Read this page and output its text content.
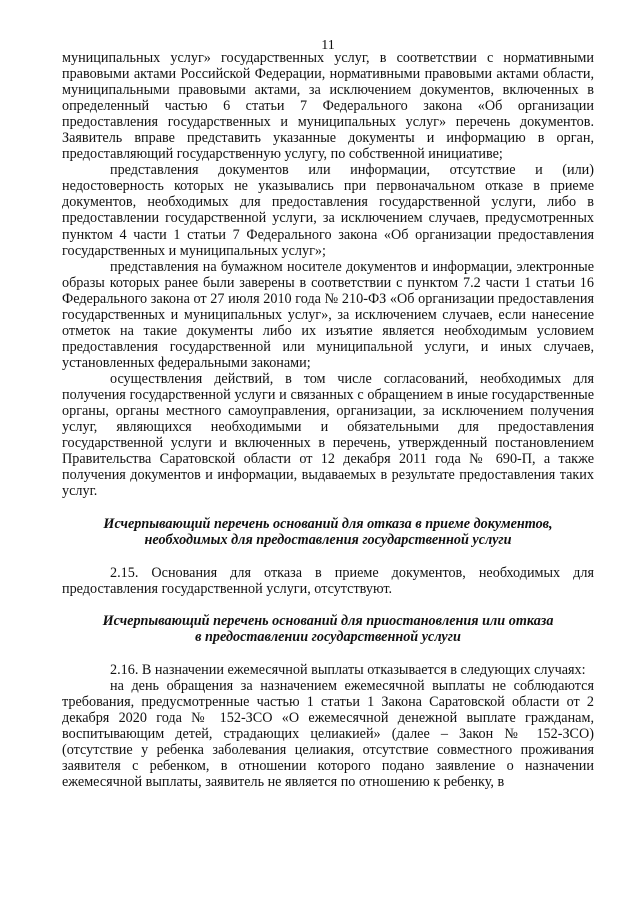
11

муниципальных услуг» государственных услуг, в соответствии с нормативными правовыми актами Российской Федерации, нормативными правовыми актами области, муниципальными правовыми актами, за исключением документов, включенных в определенный частью 6 статьи 7 Федерального закона «Об организации предоставления государственных и муниципальных услуг» перечень документов. Заявитель вправе представить указанные документы и информацию в орган, предоставляющий государственную услугу, по собственной инициативе;

представления документов или информации, отсутствие и (или) недостоверность которых не указывались при первоначальном отказе в приеме документов, необходимых для предоставления государственной услуги, либо в предоставлении государственной услуги, за исключением случаев, предусмотренных пунктом 4 части 1 статьи 7 Федерального закона «Об организации предоставления государственных и муниципальных услуг»;

представления на бумажном носителе документов и информации, электронные образы которых ранее были заверены в соответствии с пунктом 7.2 части 1 статьи 16 Федерального закона от 27 июля 2010 года № 210-ФЗ «Об организации предоставления государственных и муниципальных услуг», за исключением случаев, если нанесение отметок на такие документы либо их изъятие является необходимым условием предоставления государственной или муниципальной услуги, и иных случаев, установленных федеральными законами;

осуществления действий, в том числе согласований, необходимых для получения государственной услуги и связанных с обращением в иные государственные органы, органы местного самоуправления, организации, за исключением получения услуг, являющихся необходимыми и обязательными для предоставления государственной услуги и включенных в перечень, утвержденный постановлением Правительства Саратовской области от 12 декабря 2011 года № 690-П, а также получения документов и информации, выдаваемых в результате предоставления таких услуг.

Исчерпывающий перечень оснований для отказа в приеме документов,
необходимых для предоставления государственной услуги

2.15. Основания для отказа в приеме документов, необходимых для предоставления государственной услуги, отсутствуют.

Исчерпывающий перечень оснований для приостановления или отказа
в предоставлении государственной услуги

2.16. В назначении ежемесячной выплаты отказывается в следующих случаях:

на день обращения за назначением ежемесячной выплаты не соблюдаются требования, предусмотренные частью 1 статьи 1 Закона Саратовской области от 2 декабря 2020 года № 152-ЗСО «О ежемесячной денежной выплате гражданам, воспитывающим детей, страдающих целиакией» (далее – Закон № 152-ЗСО) (отсутствие у ребенка заболевания целиакия, отсутствие совместного проживания заявителя с ребенком, в отношении которого подано заявление о назначении ежемесячной выплаты, заявитель не является по отношению к ребенку, в
